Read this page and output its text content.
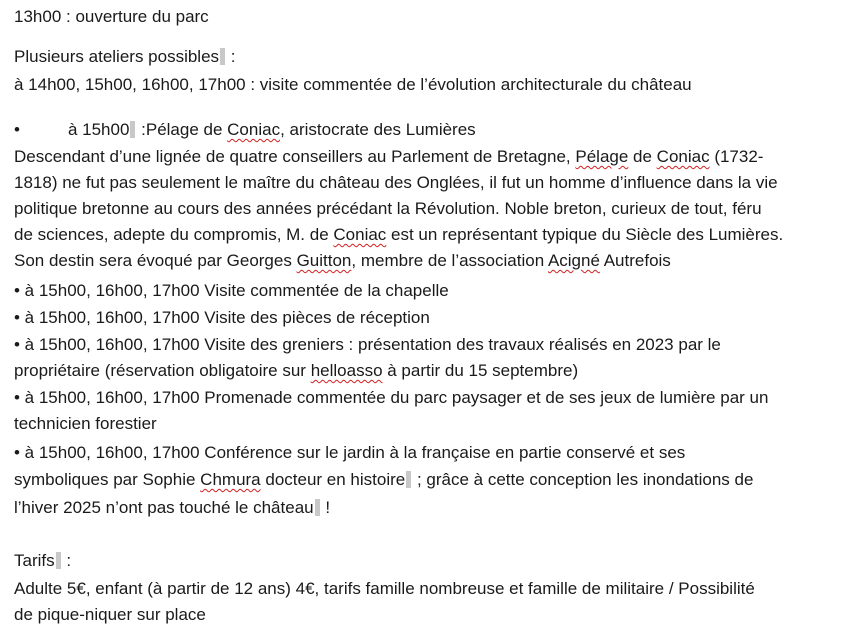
13h00 : ouverture du parc
Plusieurs ateliers possibles :
à 14h00, 15h00, 16h00, 17h00 : visite commentée de l’évolution architecturale du château
•	à 15h00 :Pélage de Coniac, aristocrate des Lumières
Descendant d’une lignée de quatre conseillers au Parlement de Bretagne, Pélage de Coniac (1732-
1818) ne fut pas seulement le maître du château des Onglées, il fut un homme d’influence dans la vie
politique bretonne au cours des années précédant la Révolution. Noble breton, curieux de tout, féru
de sciences, adepte du compromis, M. de Coniac est un représentant typique du Siècle des Lumières.
Son destin sera évoqué par Georges Guitton, membre de l’association Acigné Autrefois
• à 15h00, 16h00, 17h00 Visite commentée de la chapelle
• à 15h00, 16h00, 17h00 Visite des pièces de réception
• à 15h00, 16h00, 17h00 Visite des greniers : présentation des travaux réalisés en 2023 par le
propriétaire (réservation obligatoire sur helloasso à partir du 15 septembre)
• à 15h00, 16h00, 17h00 Promenade commentée du parc paysager et de ses jeux de lumière par un
technicien forestier
• à 15h00, 16h00, 17h00 Conférence sur le jardin à la française en partie conservé et ses
symboliques par Sophie Chmura docteur en histoire ; grâce à cette conception les inondations de
l’hiver 2025 n’ont pas touché le château !
Tarifs :
Adulte 5€, enfant (à partir de 12 ans) 4€, tarifs famille nombreuse et famille de militaire / Possibilité
de pique-niquer sur place
